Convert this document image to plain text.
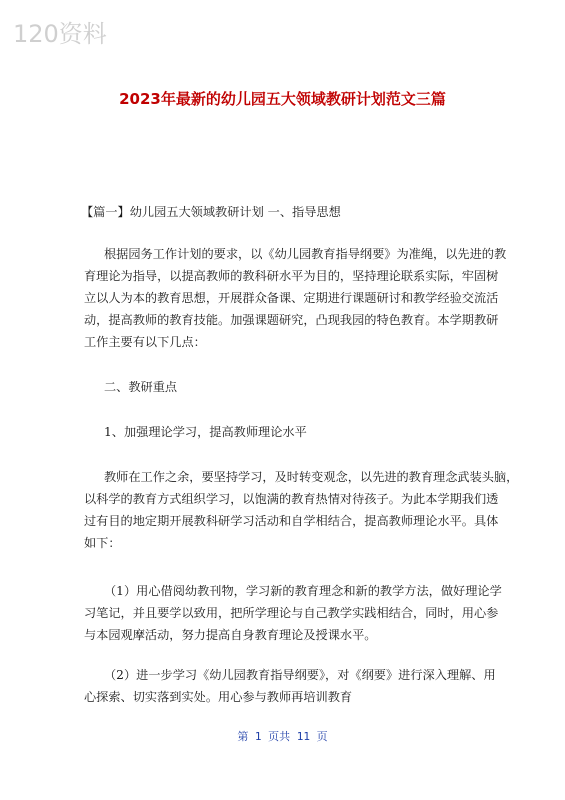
120资料
2023年最新的幼儿园五大领域教研计划范文三篇
【篇一】幼儿园五大领域教研计划 一、指导思想
根据园务工作计划的要求，以《幼儿园教育指导纲要》为准绳，以先进的教
育理论为指导，以提高教师的教科研水平为目的，坚持理论联系实际，牢固树
立以人为本的教育思想，开展群众备课、定期进行课题研讨和教学经验交流活
动，提高教师的教育技能。加强课题研究，凸现我园的特色教育。本学期教研
工作主要有以下几点：
二、教研重点
1、加强理论学习，提高教师理论水平
教师在工作之余，要坚持学习，及时转变观念，以先进的教育理念武装头脑，
以科学的教育方式组织学习，以饱满的教育热情对待孩子。为此本学期我们透
过有目的地定期开展教科研学习活动和自学相结合，提高教师理论水平。具体
如下：
（1）用心借阅幼教刊物，学习新的教育理念和新的教学方法，做好理论学
习笔记，并且要学以致用，把所学理论与自己教学实践相结合，同时，用心参
与本园观摩活动，努力提高自身教育理论及授课水平。
（2）进一步学习《幼儿园教育指导纲要》，对《纲要》进行深入理解、用
心探索、切实落到实处。用心参与教师再培训教育
第 1 页共 11 页
